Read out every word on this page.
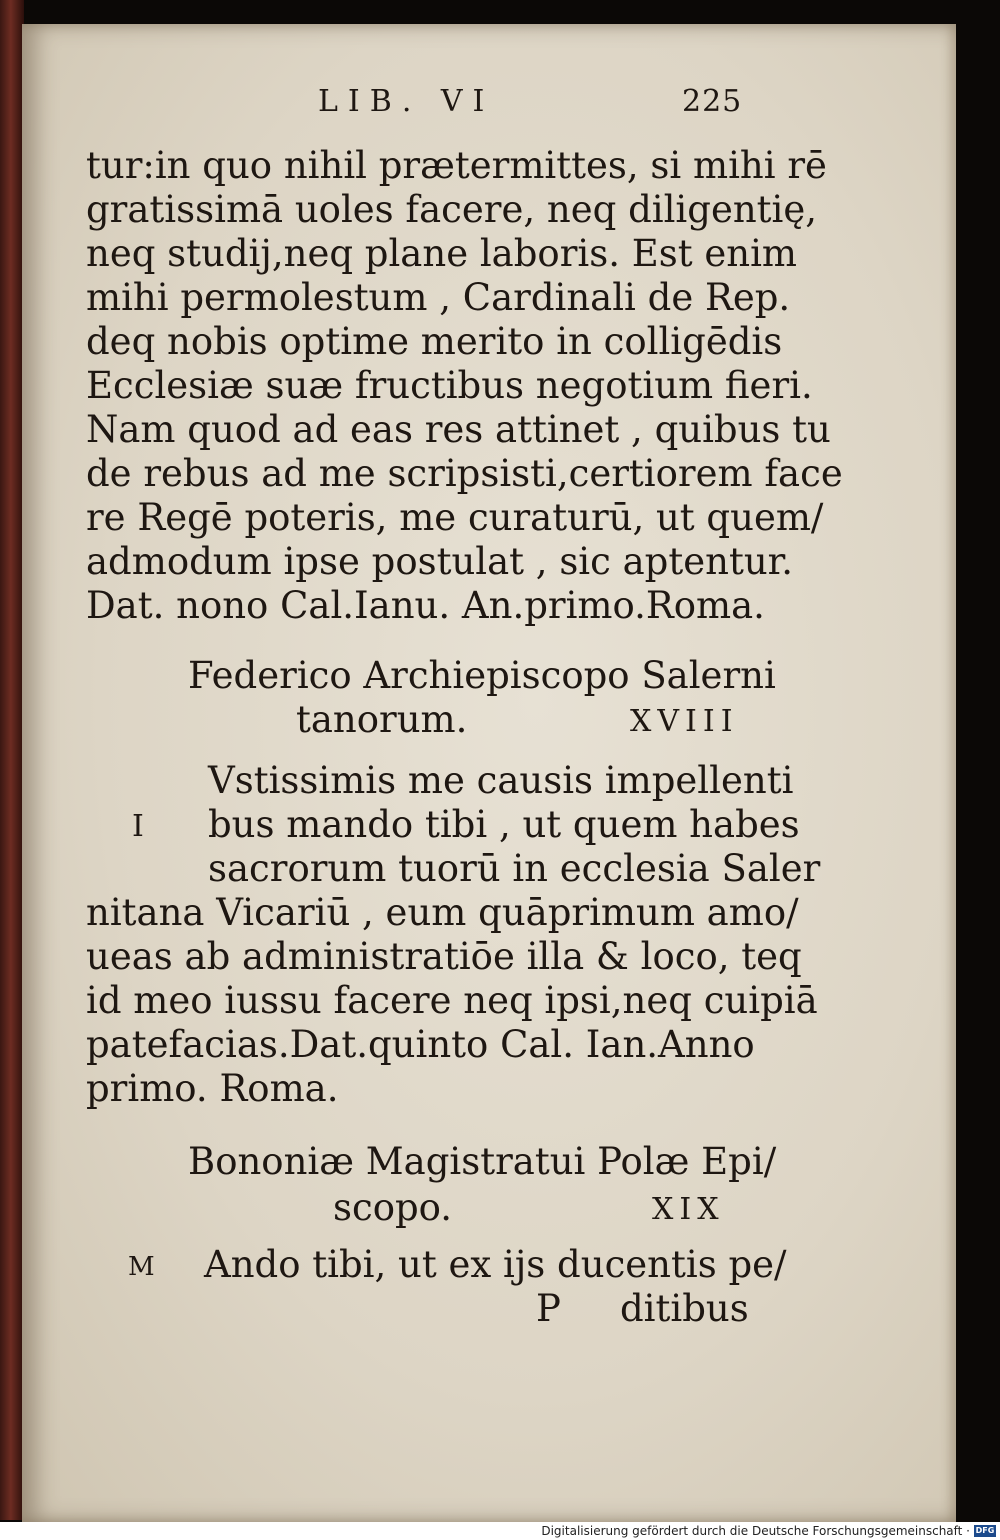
LIB. VI	225
tur:in quo nihil prætermittes, si mihi rē
gratissimā uoles facere, neq diligentię,
neq studij,neq plane laboris. Est enim
mihi permolestum , Cardinali de Rep.
deq nobis optime merito in colligēdis
Ecclesiæ suæ fructibus negotium fieri.
Nam quod ad eas res attinet , quibus tu
de rebus ad me scripsisti,certiorem face
re Regē poteris, me curaturū, ut quem/
admodum ipse postulat , sic aptentur.
Dat. nono Cal.Ianu. An.primo.Roma.
Federico Archiepiscopo Salerni
tanorum.	XVIII
I
Vstissimis me causis impellenti
bus mando tibi , ut quem habes
sacrorum tuorū in ecclesia Saler
nitana Vicariū , eum quāprimum amo/
ueas ab administratiōe illa & loco, teq
id meo iussu facere neq ipsi,neq cuipiā
patefacias.Dat.quinto Cal. Ian.Anno
primo. Roma.
Bononiæ Magistratui Polæ Epi/
scopo.	XIX
M Ando tibi, ut ex ijs ducentis pe/
P ditibus
Digitalisierung gefördert durch die Deutsche Forschungsgemeinschaft · DFG
